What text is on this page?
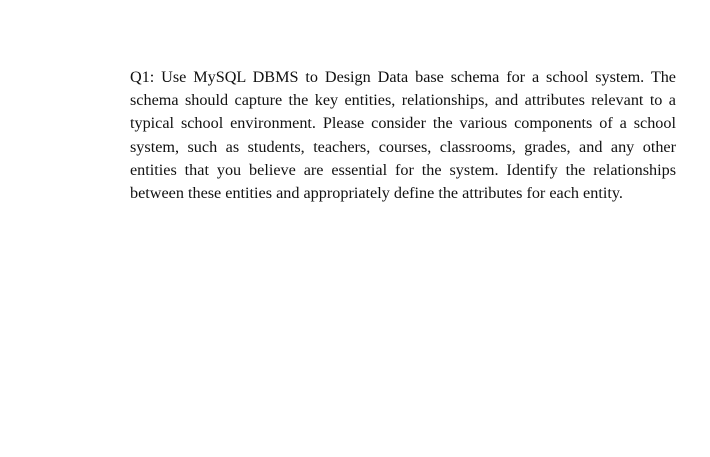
Q1: Use MySQL DBMS to Design Data base schema for a school system. The
schema should capture the key entities, relationships, and attributes relevant to a
typical school environment. Please consider the various components of a school
system, such as students, teachers, courses, classrooms, grades, and any other
entities that you believe are essential for the system. Identify the relationships
between these entities and appropriately define the attributes for each entity.
